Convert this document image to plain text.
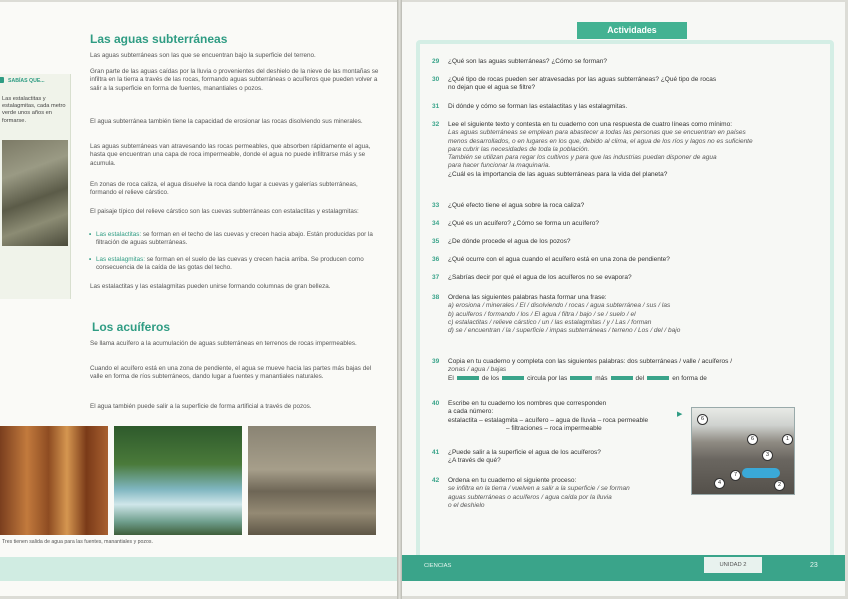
Las aguas subterráneas

Las aguas subterráneas son las que se encuentran bajo la superficie del terreno.

Gran parte de las aguas caídas por la lluvia o provenientes del deshielo de la nieve de las montañas se infiltra en la tierra a través de las rocas, formando aguas subterráneas o acuíferos que pueden volver a salir a la superficie en forma de fuentes, manantiales o pozos.

El agua subterránea también tiene la capacidad de erosionar las rocas disolviendo sus minerales.

Las aguas subterráneas van atravesando las rocas permeables, que absorben rápidamente el agua, hasta que encuentran una capa de roca impermeable, donde el agua no puede infiltrarse más y se acumula.

En zonas de roca caliza, el agua disuelve la roca dando lugar a cuevas y galerías subterráneas, formando el relieve cárstico.

El paisaje típico del relieve cárstico son las cuevas subterráneas con estalactitas y estalagmitas:

• Las estalactitas: se forman en el techo de las cuevas y crecen hacia abajo. Están producidas por la filtración de aguas subterráneas.

• Las estalagmitas: se forman en el suelo de las cuevas y crecen hacia arriba. Se producen como consecuencia de la caída de las gotas del techo.

Las estalactitas y las estalagmitas pueden unirse formando columnas de gran belleza.

Los acuíferos

Se llama acuífero a la acumulación de aguas subterráneas en terrenos de rocas impermeables.

Cuando el acuífero está en una zona de pendiente, el agua se mueve hacia las partes más bajas del valle en forma de ríos subterráneos, dando lugar a fuentes y manantiales naturales.

El agua también puede salir a la superficie de forma artificial a través de pozos.

SABÍAS QUE...
Las estalactitas y estalagmitas, cada metro verde unos años en formarse.
Tres tienen salida de agua para las fuentes, manantiales y pozos.
Actividades
29 ¿Qué son las aguas subterráneas? ¿Cómo se forman?
30 ¿Qué tipo de rocas pueden ser atravesadas por las aguas subterráneas? ¿Qué tipo de rocas
no dejan que el agua se filtre?
31 Di dónde y cómo se forman las estalactitas y las estalagmitas.
32 Lee el siguiente texto y contesta en tu cuaderno con una respuesta de cuatro líneas como mínimo:
Las aguas subterráneas se emplean para abastecer a todas las personas que se encuentran en países
menos desarrollados, o en lugares en los que, debido al clima, el agua de los ríos y lagos no es suficiente
para cubrir las necesidades de toda la población.
También se utilizan para regar los cultivos y para que las industrias puedan disponer de agua
para hacer funcionar la maquinaria.
¿Cuál es la importancia de las aguas subterráneas para la vida del planeta?
33 ¿Qué efecto tiene el agua sobre la roca caliza?
34 ¿Qué es un acuífero? ¿Cómo se forma un acuífero?
35 ¿De dónde procede el agua de los pozos?
36 ¿Qué ocurre con el agua cuando el acuífero está en una zona de pendiente?
37 ¿Sabrías decir por qué el agua de los acuíferos no se evapora?
38 Ordena las siguientes palabras hasta formar una frase:
a) erosiona / minerales / El / disolviendo / rocas / agua subterránea / sus / las
b) acuíferos / formando / los / El agua / filtra / bajo / se / suelo / el
c) estalactitas / relieve cárstico / un / las estalagmitas / y / Las / forman
d) se / encuentran / la / superficie / impas subterráneas / terreno / Los / del / bajo
39 Copia en tu cuaderno y completa con las siguientes palabras: dos subterráneas / valle / acuíferos /
zonas / agua / bajas
El	de los	circula por las	más	del	en forma de
40 Escribe en tu cuaderno los nombres que corresponden
a cada número:
estalactita – estalagmita – acuífero – agua de lluvia – roca permeable
– filtraciones – roca impermeable
41 ¿Puede salir a la superficie el agua de los acuíferos?
¿A través de qué?
42 Ordena en tu cuaderno el siguiente proceso:
se infiltra en la tierra / vuelven a salir a la superficie / se forman
aguas subterráneas o acuíferos / agua caída por la lluvia
o el deshielo
▶
6
6	1
3
7
4	2
CIENCIAS	UNIDAD 2	23
